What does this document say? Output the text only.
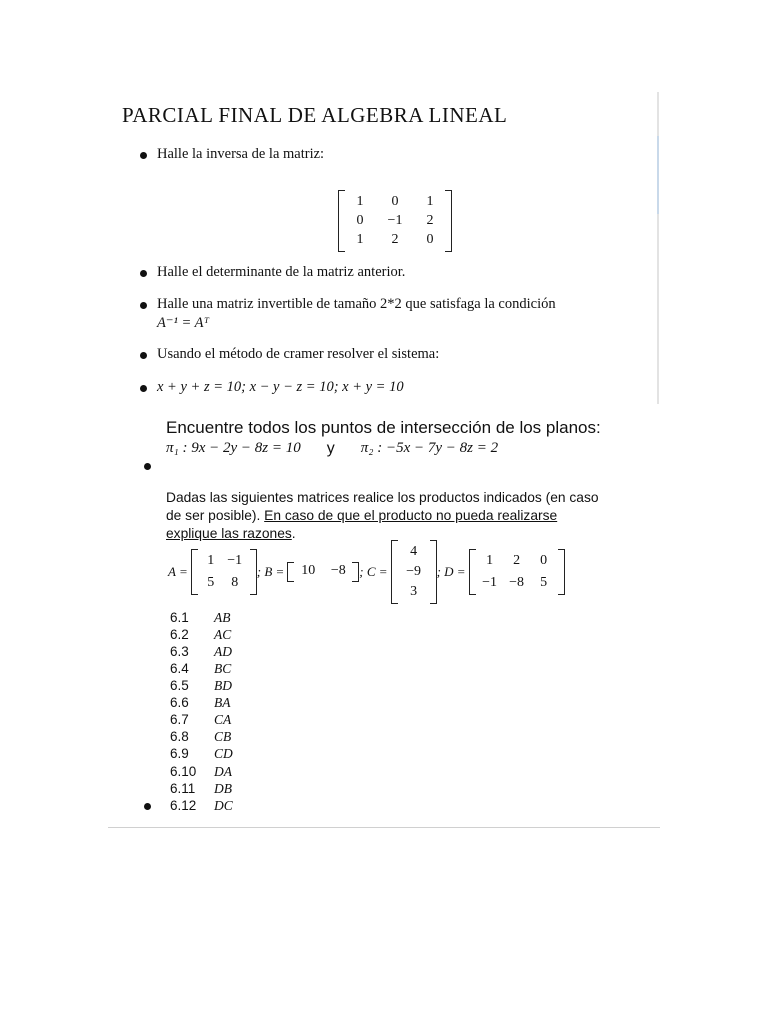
PARCIAL FINAL DE ALGEBRA LINEAL
Halle la inversa de la matriz:
1	0	1
0	−1	2
1	2	0
Halle el determinante de la matriz anterior.
Halle una matriz invertible de tamaño 2*2 que satisfaga la condición
A⁻¹ = Aᵀ
Usando el método de cramer resolver el sistema:
x + y + z = 10; x − y − z = 10; x + y = 10
Encuentre todos los puntos de intersección de los planos:
π₁ : 9x − 2y − 8z = 10 y π₂ : −5x − 7y − 8z = 2
Dadas las siguientes matrices realice los productos indicados (en caso
de ser posible). En caso de que el producto no pueda realizarse
explique las razones.
A =
1 −1
5	8
; B = 10 −8 ; C =
4
−9
3
; D =
1	2	0
−1 −8	5
6.1	AB
6.2	AC
6.3	AD
6.4	BC
6.5	BD
6.6	BA
6.7	CA
6.8	CB
6.9	CD
6.10	DA
6.11	DB
6.12	DC
